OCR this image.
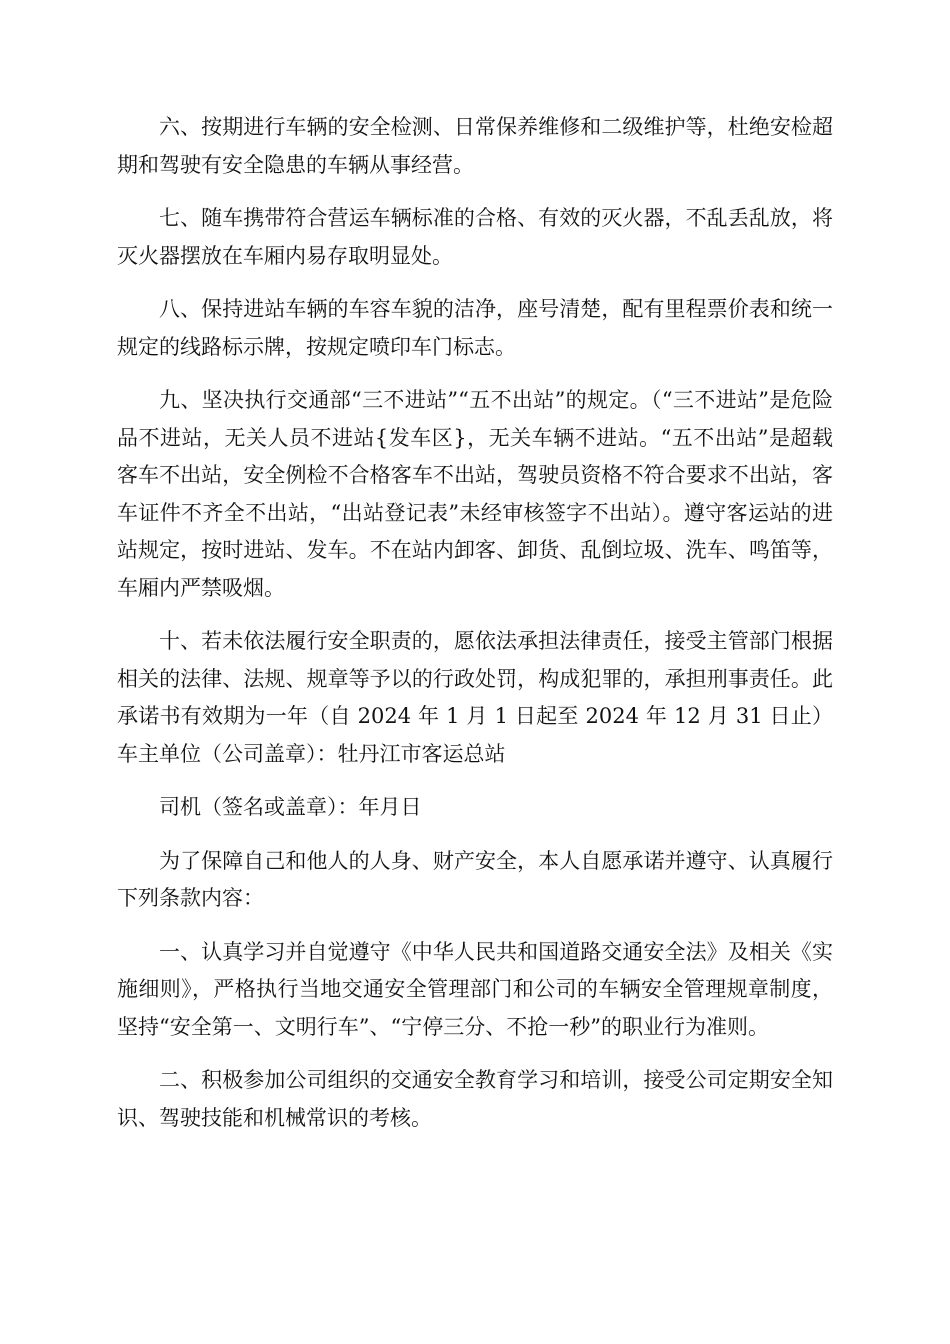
六、按期进行车辆的安全检测、日常保养维修和二级维护等，杜绝安检超期和驾驶有安全隐患的车辆从事经营。

七、随车携带符合营运车辆标准的合格、有效的灭火器，不乱丢乱放，将灭火器摆放在车厢内易存取明显处。

八、保持进站车辆的车容车貌的洁净，座号清楚，配有里程票价表和统一规定的线路标示牌，按规定喷印车门标志。

九、坚决执行交通部“三不进站”“五不出站”的规定。（“三不进站”是危险品不进站，无关人员不进站{发车区}，无关车辆不进站。“五不出站”是超载客车不出站，安全例检不合格客车不出站，驾驶员资格不符合要求不出站，客车证件不齐全不出站，“出站登记表”未经审核签字不出站）。遵守客运站的进站规定，按时进站、发车。不在站内卸客、卸货、乱倒垃圾、洗车、鸣笛等，车厢内严禁吸烟。

十、若未依法履行安全职责的，愿依法承担法律责任，接受主管部门根据相关的法律、法规、规章等予以的行政处罚，构成犯罪的，承担刑事责任。此承诺书有效期为一年（自 2024 年 1 月 1 日起至 2024 年 12 月 31 日止）车主单位（公司盖章）：牡丹江市客运总站

司机（签名或盖章）：年月日

为了保障自己和他人的人身、财产安全，本人自愿承诺并遵守、认真履行下列条款内容：

一、认真学习并自觉遵守《中华人民共和国道路交通安全法》及相关《实施细则》，严格执行当地交通安全管理部门和公司的车辆安全管理规章制度，坚持“安全第一、文明行车”、“宁停三分、不抢一秒”的职业行为准则。

二、积极参加公司组织的交通安全教育学习和培训，接受公司定期安全知识、驾驶技能和机械常识的考核。
